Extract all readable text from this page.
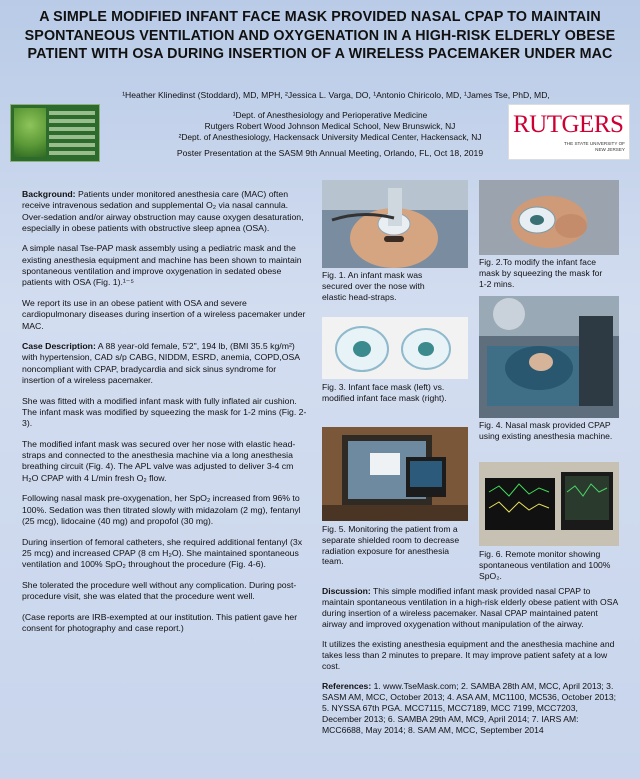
A SIMPLE MODIFIED INFANT FACE MASK PROVIDED NASAL CPAP TO MAINTAIN SPONTANEOUS VENTILATION AND OXYGENATION IN A HIGH-RISK ELDERLY OBESE PATIENT WITH OSA DURING INSERTION OF A WIRELESS PACEMAKER UNDER MAC
¹Heather Klinedinst (Stoddard), MD, MPH, ²Jessica L. Varga, DO, ¹Antonio Chiricolo, MD, ¹James Tse, PhD, MD,
¹Dept. of Anesthesiology and Perioperative Medicine
Rutgers Robert Wood Johnson Medical School, New Brunswick, NJ
²Dept. of Anesthesiology, Hackensack University Medical Center, Hackensack, NJ
Poster Presentation at the SASM 9th Annual Meeting, Orlando, FL, Oct 18, 2019
RUTGERS
THE STATE UNIVERSITY OF NEW JERSEY

Background: Patients under monitored anesthesia care (MAC) often receive intravenous sedation and supplemental O₂ via nasal cannula. Over-sedation and/or airway obstruction may cause oxygen desaturation, especially in obese patients with obstructive sleep apnea (OSA).

A simple nasal Tse-PAP mask assembly using a pediatric mask and the existing anesthesia equipment and machine has been shown to maintain spontaneous ventilation and improve oxygenation in sedated obese patients with OSA (Fig. 1).¹⁻⁵

We report its use in an obese patient with OSA and severe cardiopulmonary diseases during insertion of a wireless pacemaker under MAC.

Case Description: A 88 year-old female, 5'2", 194 lb, (BMI 35.5 kg/m²) with hypertension, CAD s/p CABG, NIDDM, ESRD, anemia, COPD,OSA noncompliant with CPAP, bradycardia and sick sinus syndrome for insertion of a wireless pacemaker.

She was fitted with a modified infant mask with fully inflated air cushion. The infant mask was modified by squeezing the mask for 1-2 mins (Fig. 2-3).

The modified infant mask was secured over her nose with elastic head-straps and connected to the anesthesia machine via a long anesthesia breathing circuit (Fig. 4). The APL valve was adjusted to deliver 3-4 cm H₂O CPAP with 4 L/min fresh O₂ flow.

Following nasal mask pre-oxygenation, her SpO₂ increased from 96% to 100%. Sedation was then titrated slowly with midazolam (2 mg), fentanyl (25 mcg), lidocaine (40 mg) and propofol (30 mg).

During insertion of femoral catheters, she required additional fentanyl (3x 25 mcg) and increased CPAP (8 cm H₂O). She maintained spontaneous ventilation and 100% SpO₂ throughout the procedure (Fig. 4-6).

She tolerated the procedure well without any complication. During post-procedure visit, she was elated that the procedure went well.

(Case reports are IRB-exempted at our institution. This patient gave her consent for photography and case report.)

Fig. 1. An infant mask was secured over the nose with elastic head-straps.
Fig. 2.To modify the infant face mask by squeezing the mask for 1-2 mins.
Fig. 3. Infant face mask (left) vs. modified infant face mask (right).
Fig. 4. Nasal mask provided CPAP using existing anesthesia machine.
Fig. 5. Monitoring the patient from a separate shielded room to decrease radiation exposure for anesthesia team.
Fig. 6. Remote monitor showing spontaneous ventilation and 100% SpO₂.

Discussion: This simple modified infant mask provided nasal CPAP to maintain spontaneous ventilation in a high-risk elderly obese patient with OSA during insertion of a wireless pacemaker. Nasal CPAP maintained patent airway and improved oxygenation without manipulation of the airway.

It utilizes the existing anesthesia equipment and the anesthesia machine and takes less than 2 minutes to prepare. It may improve patient safety at a low cost.

References: 1. www.TseMask.com; 2. SAMBA 28th AM, MCC, April 2013; 3. SASM AM, MCC, October 2013; 4. ASA AM, MC1100, MC536, October 2013; 5. NYSSA 67th PGA. MCC7115, MCC7189, MCC 7199, MCC7203, December 2013; 6. SAMBA 29th AM, MC9, April 2014; 7. IARS AM: MCC6688, May 2014; 8. SAM AM, MCC, September 2014
